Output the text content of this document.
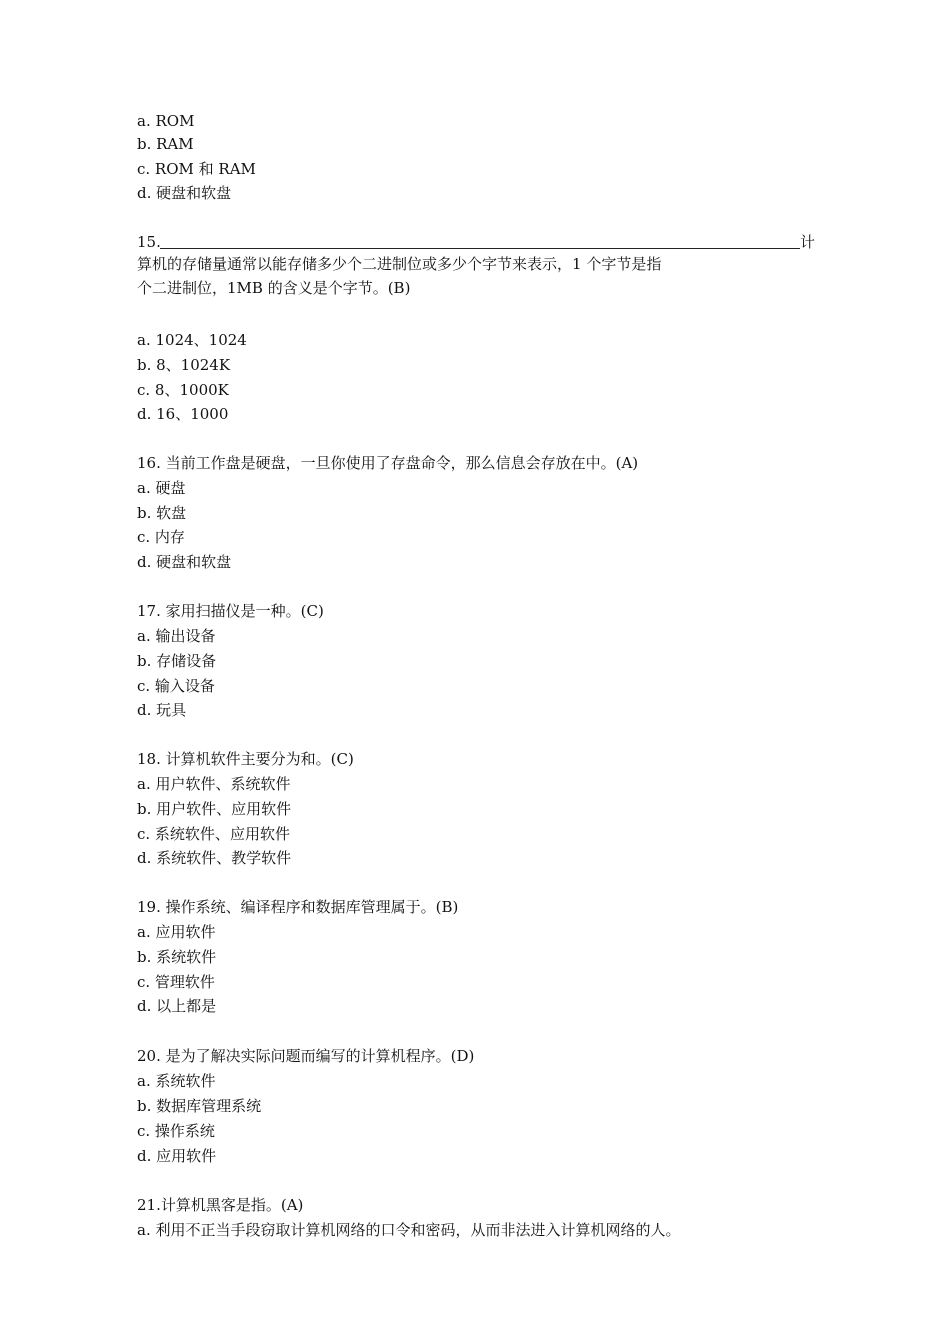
a. ROM
b. RAM
c. ROM 和 RAM
d. 硬盘和软盘
15.	计
算机的存储量通常以能存储多少个二进制位或多少个字节来表示，1 个字节是指
个二进制位，1MB 的含义是个字节。(B)
a. 1024、1024
b. 8、1024K
c. 8、1000K
d. 16、1000
16. 当前工作盘是硬盘，一旦你使用了存盘命令，那么信息会存放在中。(A)
a. 硬盘
b. 软盘
c. 内存
d. 硬盘和软盘
17. 家用扫描仪是一种。(C)
a. 输出设备
b. 存储设备
c. 输入设备
d. 玩具
18. 计算机软件主要分为和。(C)
a. 用户软件、系统软件
b. 用户软件、应用软件
c. 系统软件、应用软件
d. 系统软件、教学软件
19. 操作系统、编译程序和数据库管理属于。(B)
a. 应用软件
b. 系统软件
c. 管理软件
d. 以上都是
20. 是为了解决实际问题而编写的计算机程序。(D)
a. 系统软件
b. 数据库管理系统
c. 操作系统
d. 应用软件
21.计算机黑客是指。(A)
a. 利用不正当手段窃取计算机网络的口令和密码，从而非法进入计算机网络的人。
